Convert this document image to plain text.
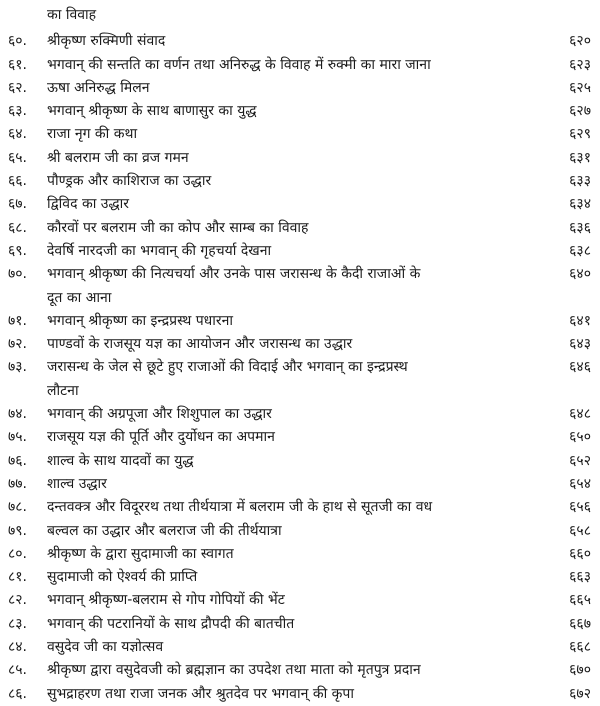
का विवाह
६०. श्रीकृष्ण रुक्मिणी संवाद	६२०
६१. भगवान् की सन्तति का वर्णन तथा अनिरुद्ध के विवाह में रुक्मी का मारा जाना	६२३
६२. ऊषा अनिरुद्ध मिलन	६२५
६३. भगवान् श्रीकृष्ण के साथ बाणासुर का युद्ध	६२७
६४. राजा नृग की कथा	६२९
६५. श्री बलराम जी का व्रज गमन	६३१
६६. पौण्ड्रक और काशिराज का उद्धार	६३३
६७. द्विविद का उद्धार	६३४
६८. कौरवों पर बलराम जी का कोप और साम्ब का विवाह	६३६
६९. देवर्षि नारदजी का भगवान् की गृहचर्या देखना	६३८
७०. भगवान् श्रीकृष्ण की नित्यचर्या और उनके पास जरासन्ध के कैदी राजाओं के	६४०
दूत का आना
७१. भगवान् श्रीकृष्ण का इन्द्रप्रस्थ पधारना	६४१
७२. पाण्डवों के राजसूय यज्ञ का आयोजन और जरासन्ध का उद्धार	६४३
७३. जरासन्ध के जेल से छूटे हुए राजाओं की विदाई और भगवान् का इन्द्रप्रस्थ	६४६
लौटना
७४. भगवान् की अग्रपूजा और शिशुपाल का उद्धार	६४८
७५. राजसूय यज्ञ की पूर्ति और दुर्योधन का अपमान	६५०
७६. शाल्व के साथ यादवों का युद्ध	६५२
७७. शाल्व उद्धार	६५४
७८. दन्तवक्त्र और विदूररथ तथा तीर्थयात्रा में बलराम जी के हाथ से सूतजी का वध	६५६
७९. बल्वल का उद्धार और बलराज जी की तीर्थयात्रा	६५८
८०. श्रीकृष्ण के द्वारा सुदामाजी का स्वागत	६६०
८१. सुदामाजी को ऐश्वर्य की प्राप्ति	६६३
८२. भगवान् श्रीकृष्ण-बलराम से गोप गोपियों की भेंट	६६५
८३. भगवान् की पटरानियों के साथ द्रौपदी की बातचीत	६६७
८४. वसुदेव जी का यज्ञोत्सव	६६८
८५. श्रीकृष्ण द्वारा वसुदेवजी को ब्रह्मज्ञान का उपदेश तथा माता को मृतपुत्र प्रदान	६७०
८६. सुभद्राहरण तथा राजा जनक और श्रुतदेव पर भगवान् की कृपा	६७२
